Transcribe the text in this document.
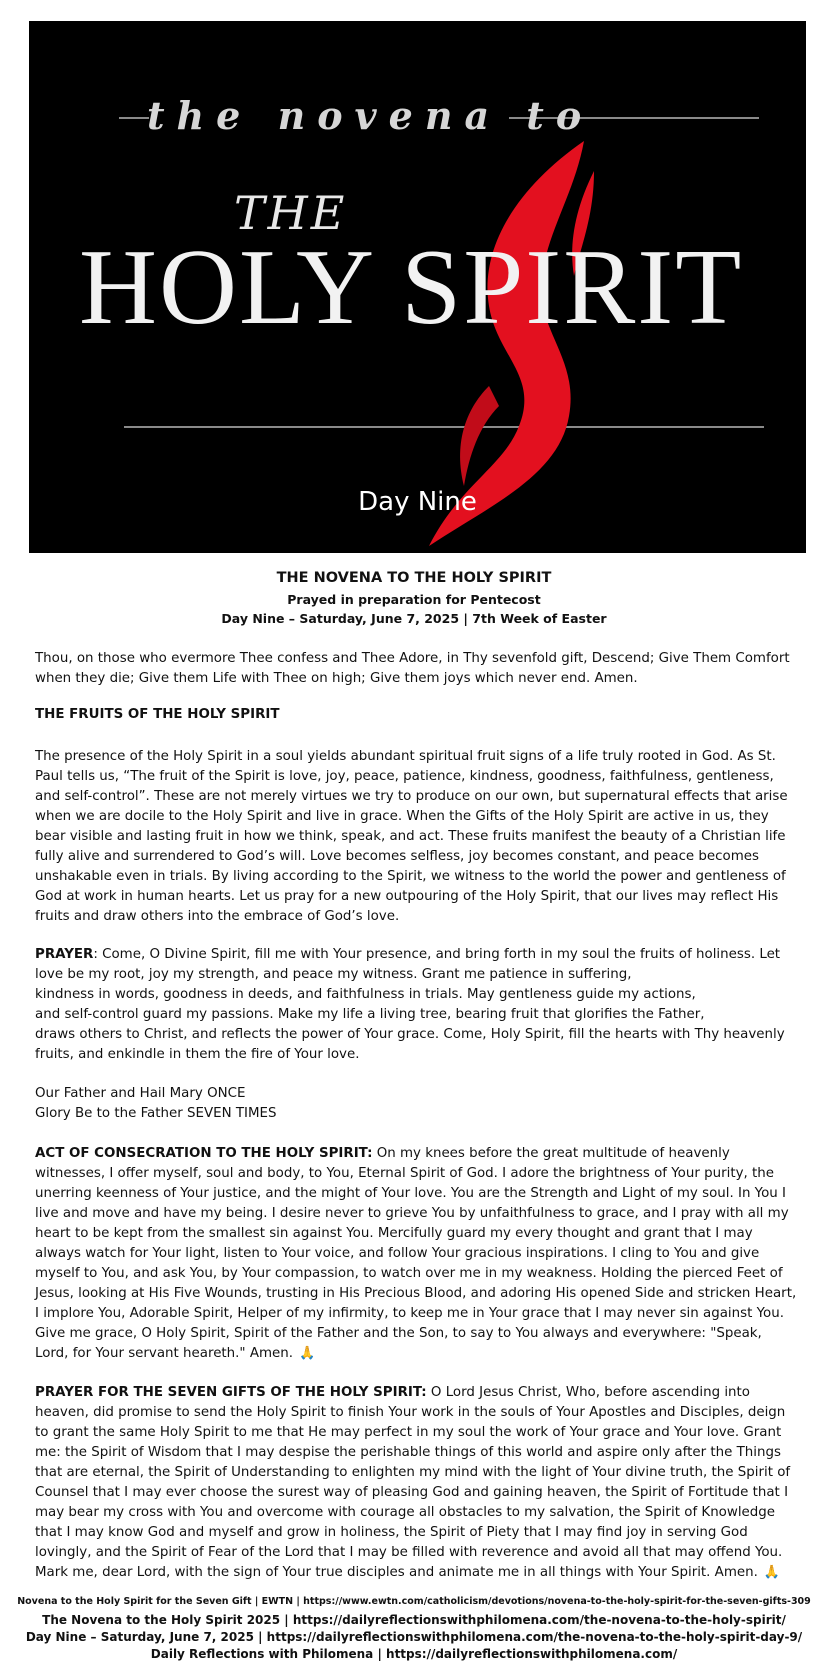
the novena to
THE
HOLY SPIRIT
Day Nine
THE NOVENA TO THE HOLY SPIRIT
Prayed in preparation for Pentecost
Day Nine – Saturday, June 7, 2025 | 7th Week of Easter
Thou, on those who evermore Thee confess and Thee Adore, in Thy sevenfold gift, Descend; Give Them Comfort when they die; Give them Life with Thee on high; Give them joys which never end. Amen.
THE FRUITS OF THE HOLY SPIRIT
The presence of the Holy Spirit in a soul yields abundant spiritual fruit signs of a life truly rooted in God. As St. Paul tells us, “The fruit of the Spirit is love, joy, peace, patience, kindness, goodness, faithfulness, gentleness, and self-control”. These are not merely virtues we try to produce on our own, but supernatural effects that arise when we are docile to the Holy Spirit and live in grace. When the Gifts of the Holy Spirit are active in us, they bear visible and lasting fruit in how we think, speak, and act. These fruits manifest the beauty of a Christian life fully alive and surrendered to God’s will. Love becomes selfless, joy becomes constant, and peace becomes unshakable even in trials. By living according to the Spirit, we witness to the world the power and gentleness of God at work in human hearts. Let us pray for a new outpouring of the Holy Spirit, that our lives may reflect His fruits and draw others into the embrace of God’s love.
PRAYER: Come, O Divine Spirit, fill me with Your presence, and bring forth in my soul the fruits of holiness. Let love be my root, joy my strength, and peace my witness. Grant me patience in suffering,
kindness in words, goodness in deeds, and faithfulness in trials. May gentleness guide my actions,
and self-control guard my passions. Make my life a living tree, bearing fruit that glorifies the Father,
draws others to Christ, and reflects the power of Your grace. Come, Holy Spirit, fill the hearts with Thy heavenly fruits, and enkindle in them the fire of Your love.
Our Father and Hail Mary ONCE
Glory Be to the Father SEVEN TIMES
ACT OF CONSECRATION TO THE HOLY SPIRIT: On my knees before the great multitude of heavenly witnesses, I offer myself, soul and body, to You, Eternal Spirit of God. I adore the brightness of Your purity, the unerring keenness of Your justice, and the might of Your love. You are the Strength and Light of my soul. In You I live and move and have my being. I desire never to grieve You by unfaithfulness to grace, and I pray with all my heart to be kept from the smallest sin against You. Mercifully guard my every thought and grant that I may always watch for Your light, listen to Your voice, and follow Your gracious inspirations. I cling to You and give myself to You, and ask You, by Your compassion, to watch over me in my weakness. Holding the pierced Feet of Jesus, looking at His Five Wounds, trusting in His Precious Blood, and adoring His opened Side and stricken Heart, I implore You, Adorable Spirit, Helper of my infirmity, to keep me in Your grace that I may never sin against You. Give me grace, O Holy Spirit, Spirit of the Father and the Son, to say to You always and everywhere: "Speak, Lord, for Your servant heareth." Amen. 🙏
PRAYER FOR THE SEVEN GIFTS OF THE HOLY SPIRIT: O Lord Jesus Christ, Who, before ascending into heaven, did promise to send the Holy Spirit to finish Your work in the souls of Your Apostles and Disciples, deign to grant the same Holy Spirit to me that He may perfect in my soul the work of Your grace and Your love. Grant me: the Spirit of Wisdom that I may despise the perishable things of this world and aspire only after the Things that are eternal, the Spirit of Understanding to enlighten my mind with the light of Your divine truth, the Spirit of Counsel that I may ever choose the surest way of pleasing God and gaining heaven, the Spirit of Fortitude that I may bear my cross with You and overcome with courage all obstacles to my salvation, the Spirit of Knowledge that I may know God and myself and grow in holiness, the Spirit of Piety that I may find joy in serving God lovingly, and the Spirit of Fear of the Lord that I may be filled with reverence and avoid all that may offend You. Mark me, dear Lord, with the sign of Your true disciples and animate me in all things with Your Spirit. Amen. 🙏
Novena to the Holy Spirit for the Seven Gift | EWTN | https://www.ewtn.com/catholicism/devotions/novena-to-the-holy-spirit-for-the-seven-gifts-309
The Novena to the Holy Spirit 2025 | https://dailyreflectionswithphilomena.com/the-novena-to-the-holy-spirit/
Day Nine – Saturday, June 7, 2025 | https://dailyreflectionswithphilomena.com/the-novena-to-the-holy-spirit-day-9/
Daily Reflections with Philomena | https://dailyreflectionswithphilomena.com/
